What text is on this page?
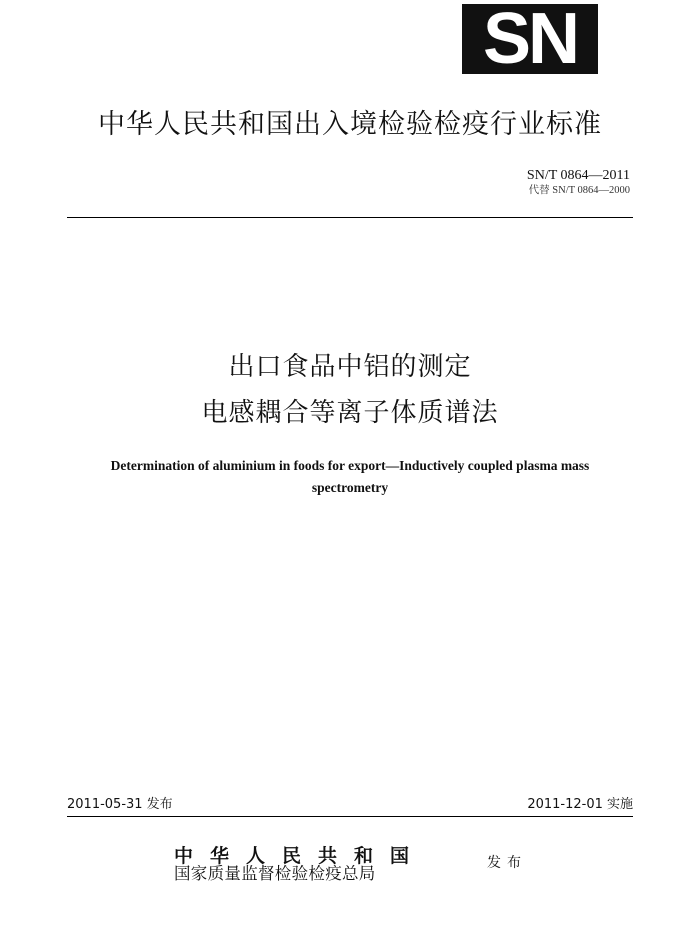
SN
中华人民共和国出入境检验检疫行业标准
SN/T 0864—2011
代替 SN/T 0864—2000
出口食品中铝的测定
电感耦合等离子体质谱法
Determination of aluminium in foods for export—Inductively coupled plasma mass spectrometry
2011-05-31 发布	2011-12-01 实施
中华人民共和国
国家质量监督检验检疫总局
发布
